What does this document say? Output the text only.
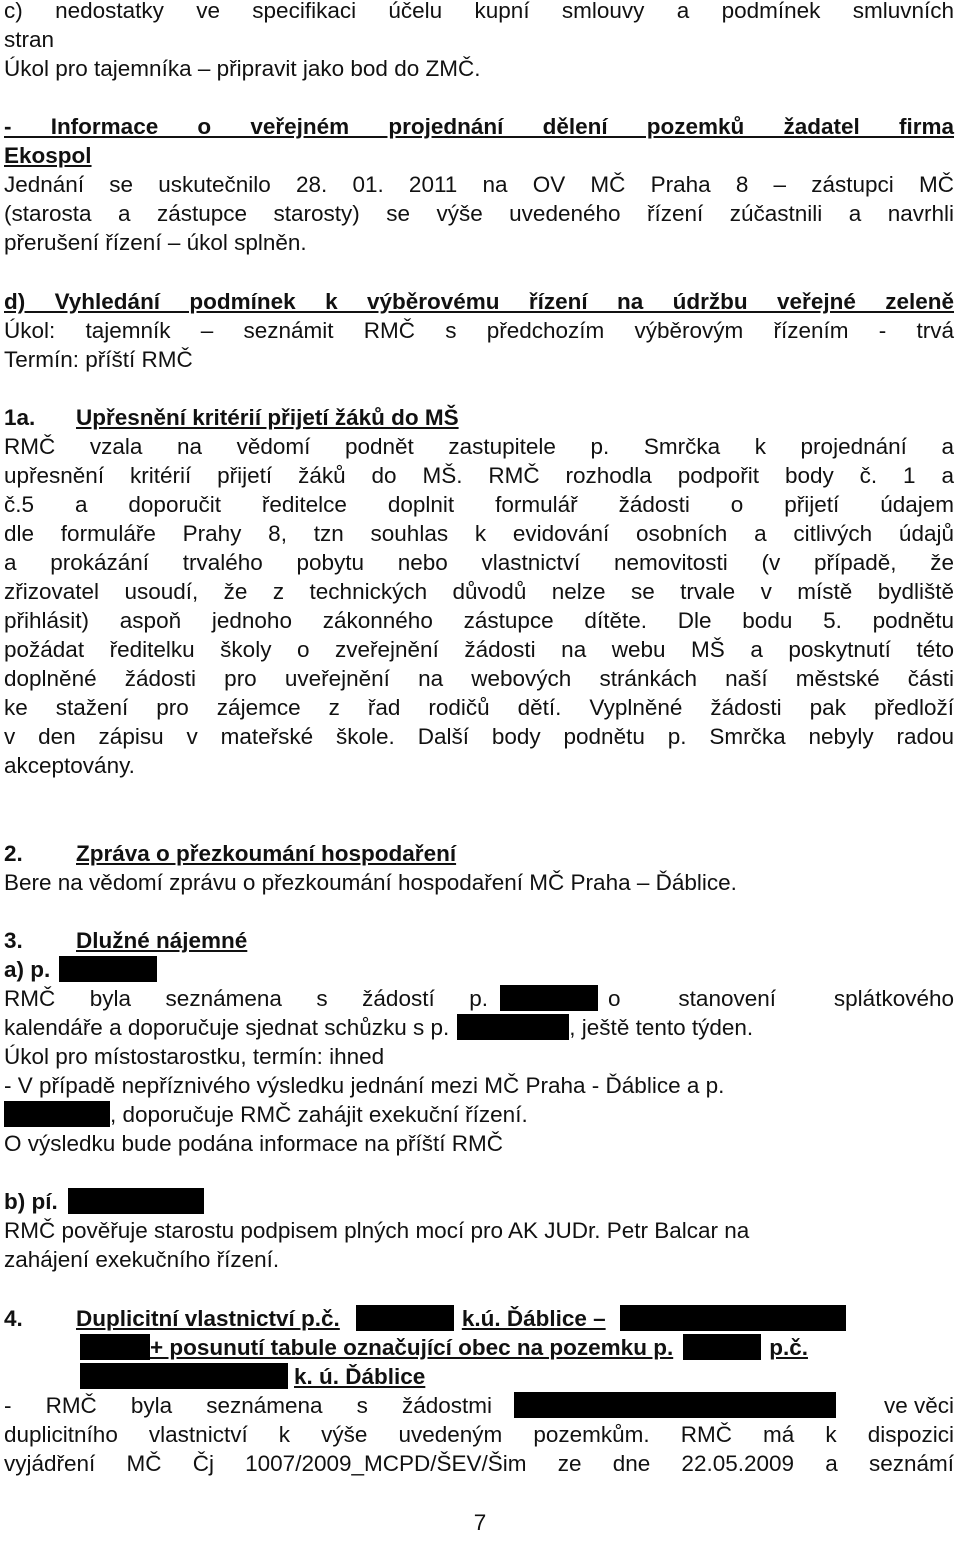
c) nedostatky ve specifikaci účelu kupní smlouvy a podmínek smluvních
stran
Úkol pro tajemníka – připravit jako bod do ZMČ.
- Informace o veřejném projednání dělení pozemků žadatel firma
Ekospol
Jednání se uskutečnilo 28. 01. 2011 na OV MČ Praha 8 – zástupci MČ
(starosta a zástupce starosty) se výše uvedeného řízení zúčastnili a navrhli
přerušení řízení – úkol splněn.
d) Vyhledání podmínek k výběrovému řízení na údržbu veřejné zeleně
Úkol: tajemník – seznámit RMČ s předchozím výběrovým řízením - trvá
Termín: příští RMČ
1a. Upřesnění kritérií přijetí žáků do MŠ
RMČ vzala na vědomí podnět zastupitele p. Smrčka k projednání a
upřesnění kritérií přijetí žáků do MŠ. RMČ rozhodla podpořit body č. 1 a
č.5 a doporučit ředitelce doplnit formulář žádosti o přijetí údajem
dle formuláře Prahy 8, tzn souhlas k evidování osobních a citlivých údajů
a prokázání trvalého pobytu nebo vlastnictví nemovitosti (v případě, že
zřizovatel usoudí, že z technických důvodů nelze se trvale v místě bydliště
přihlásit) aspoň jednoho zákonného zástupce dítěte. Dle bodu 5. podnětu
požádat ředitelku školy o zveřejnění žádosti na webu MŠ a poskytnutí této
doplněné žádosti pro uveřejnění na webových stránkách naší městské části
ke stažení pro zájemce z řad rodičů dětí. Vyplněné žádosti pak předloží
v den zápisu v mateřské škole. Další body podnětu p. Smrčka nebyly radou
akceptovány.
2. Zpráva o přezkoumání hospodaření
Bere na vědomí zprávu o přezkoumání hospodaření MČ Praha – Ďáblice.
3. Dlužné nájemné
a) p.
RMČ byla seznámena s žádostí p.	o stanovení splátkového
kalendáře a doporučuje sjednat schůzku s p.	, ještě tento týden.
Úkol pro místostarostku, termín: ihned
- V případě nepříznivého výsledku jednání mezi MČ Praha - Ďáblice a p.
, doporučuje RMČ zahájit exekuční řízení.
O výsledku bude podána informace na příští RMČ
b) pí.
RMČ pověřuje starostu podpisem plných mocí pro AK JUDr. Petr Balcar na
zahájení exekučního řízení.
4. Duplicitní vlastnictví p.č.	k.ú. Ďáblice –
+ posunutí tabule označující obec na pozemku p.	p.č.
k. ú. Ďáblice
- RMČ byla seznámena s žádostmi	ve věci
duplicitního vlastnictví k výše uvedeným pozemkům. RMČ má k dispozici
vyjádření MČ Čj 1007/2009_MCPD/ŠEV/Šim ze dne 22.05.2009 a seznámí
7
